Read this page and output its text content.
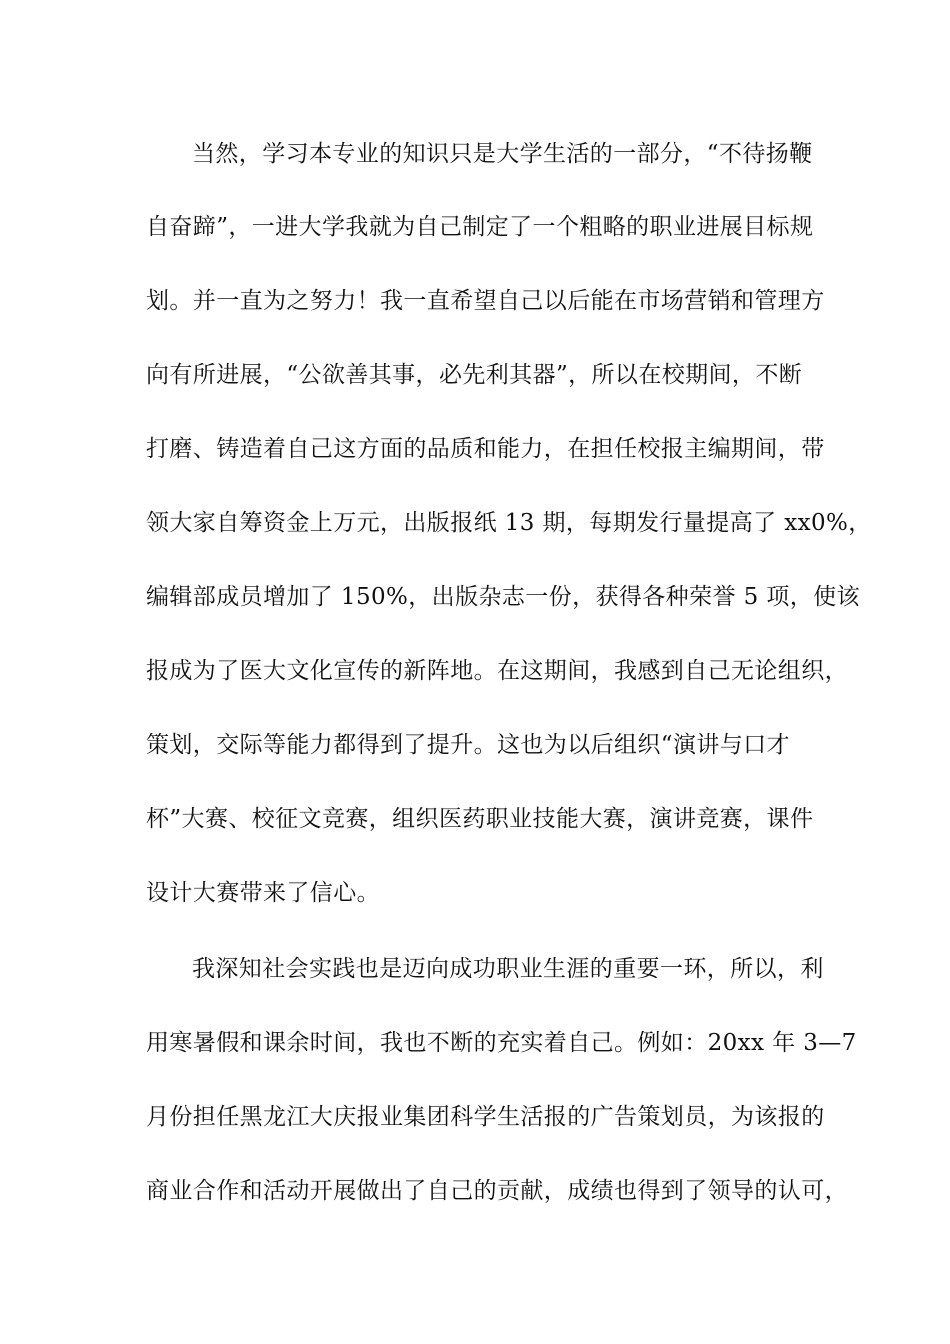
当然，学习本专业的知识只是大学生活的一部分，“不待扬鞭
自奋蹄”，一进大学我就为自己制定了一个粗略的职业进展目标规
划。并一直为之努力！我一直希望自己以后能在市场营销和管理方
向有所进展，“公欲善其事，必先利其器”，所以在校期间，不断
打磨、铸造着自己这方面的品质和能力，在担任校报主编期间，带
领大家自筹资金上万元，出版报纸 13 期，每期发行量提高了 xx0%，
编辑部成员增加了 150%，出版杂志一份，获得各种荣誉 5 项，使该
报成为了医大文化宣传的新阵地。在这期间，我感到自己无论组织，
策划，交际等能力都得到了提升。这也为以后组织“演讲与口才
杯”大赛、校征文竞赛，组织医药职业技能大赛，演讲竞赛，课件
设计大赛带来了信心。
我深知社会实践也是迈向成功职业生涯的重要一环，所以，利
用寒暑假和课余时间，我也不断的充实着自己。例如：20xx 年 3—7
月份担任黑龙江大庆报业集团科学生活报的广告策划员，为该报的
商业合作和活动开展做出了自己的贡献，成绩也得到了领导的认可，
